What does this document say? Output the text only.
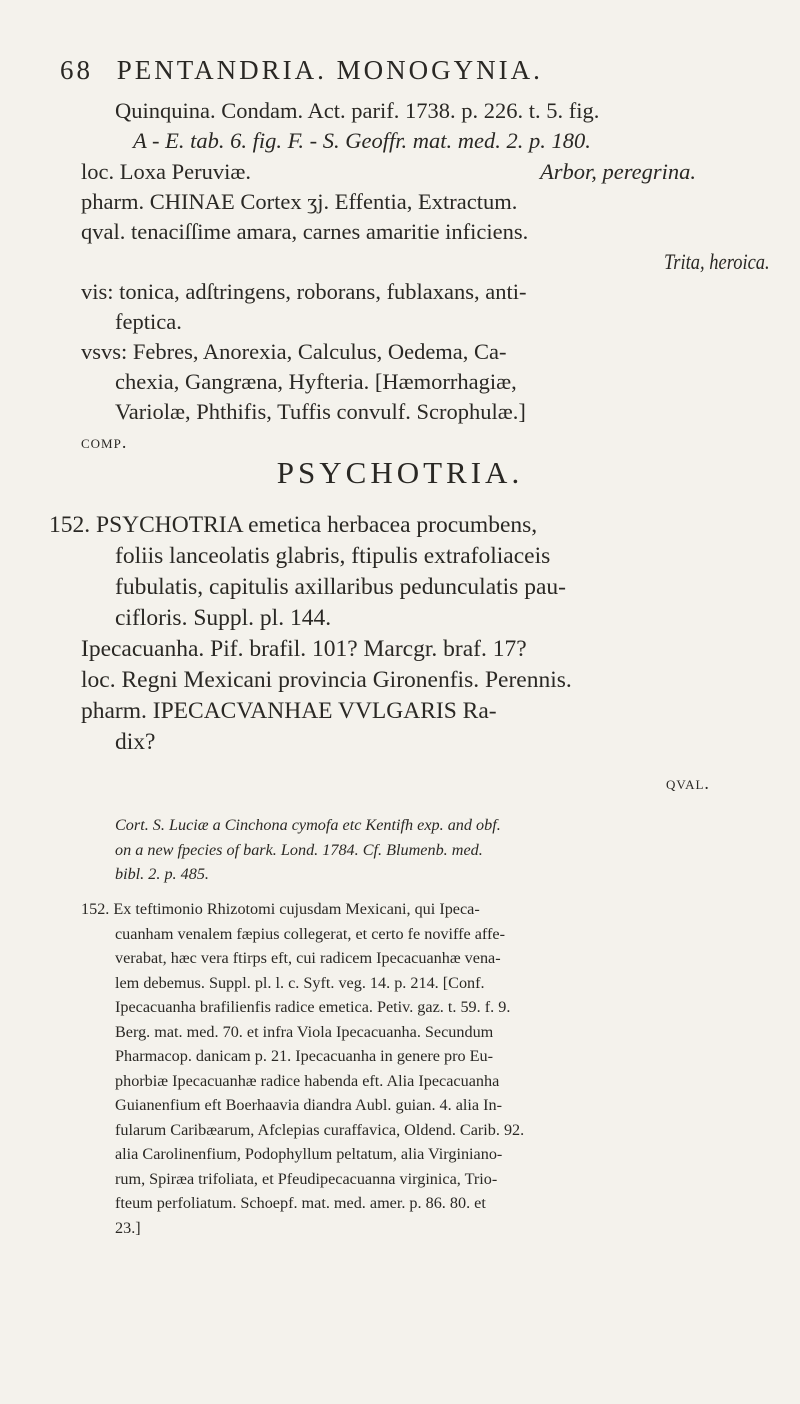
68 PENTANDRIA. MONOGYNIA.
Quinquina. Condam. Act. parif. 1738. p. 226. t. 5. fig.
A - E. tab. 6. fig. F. - S. Geoffr. mat. med. 2. p. 180.
loc. Loxa Peruviæ.	Arbor, peregrina.
pharm. CHINAE Cortex ʒj. Effentia, Extractum.
qval. tenaciſſime amara, carnes amaritie inficiens.
Trita, heroica.
vis: tonica, adſtringens, roborans, fublaxans, anti-
feptica.
vsvs: Febres, Anorexia, Calculus, Oedema, Ca-
chexia, Gangræna, Hyfteria. [Hæmorrhagiæ,
Variolæ, Phthifis, Tuffis convulf. Scrophulæ.]
comp.
PSYCHOTRIA.
152. PSYCHOTRIA emetica herbacea procumbens,
foliis lanceolatis glabris, ftipulis extrafoliaceis
fubulatis, capitulis axillaribus pedunculatis pau-
cifloris. Suppl. pl. 144.
Ipecacuanha. Pif. brafil. 101? Marcgr. braf. 17?
loc. Regni Mexicani provincia Gironenfis. Perennis.
pharm. IPECACVANHAE VVLGARIS Ra-
dix?
qval.
Cort. S. Luciæ a Cinchona cymofa etc Kentifh exp. and obf.
on a new fpecies of bark. Lond. 1784. Cf. Blumenb. med.
bibl. 2. p. 485.
152. Ex teftimonio Rhizotomi cujusdam Mexicani, qui Ipeca-
cuanham venalem fæpius collegerat, et certo fe noviffe affe-
verabat, hæc vera ftirps eft, cui radicem Ipecacuanhæ vena-
lem debemus. Suppl. pl. l. c. Syft. veg. 14. p. 214. [Conf.
Ipecacuanha brafilienfis radice emetica. Petiv. gaz. t. 59. f. 9.
Berg. mat. med. 70. et infra Viola Ipecacuanha. Secundum
Pharmacop. danicam p. 21. Ipecacuanha in genere pro Eu-
phorbiæ Ipecacuanhæ radice habenda eft. Alia Ipecacuanha
Guianenfium eft Boerhaavia diandra Aubl. guian. 4. alia In-
fularum Caribæarum, Afclepias curaffavica, Oldend. Carib. 92.
alia Carolinenfium, Podophyllum peltatum, alia Virginiano-
rum, Spiræa trifoliata, et Pfeudipecacuanna virginica, Trio-
fteum perfoliatum. Schoepf. mat. med. amer. p. 86. 80. et
23.]
